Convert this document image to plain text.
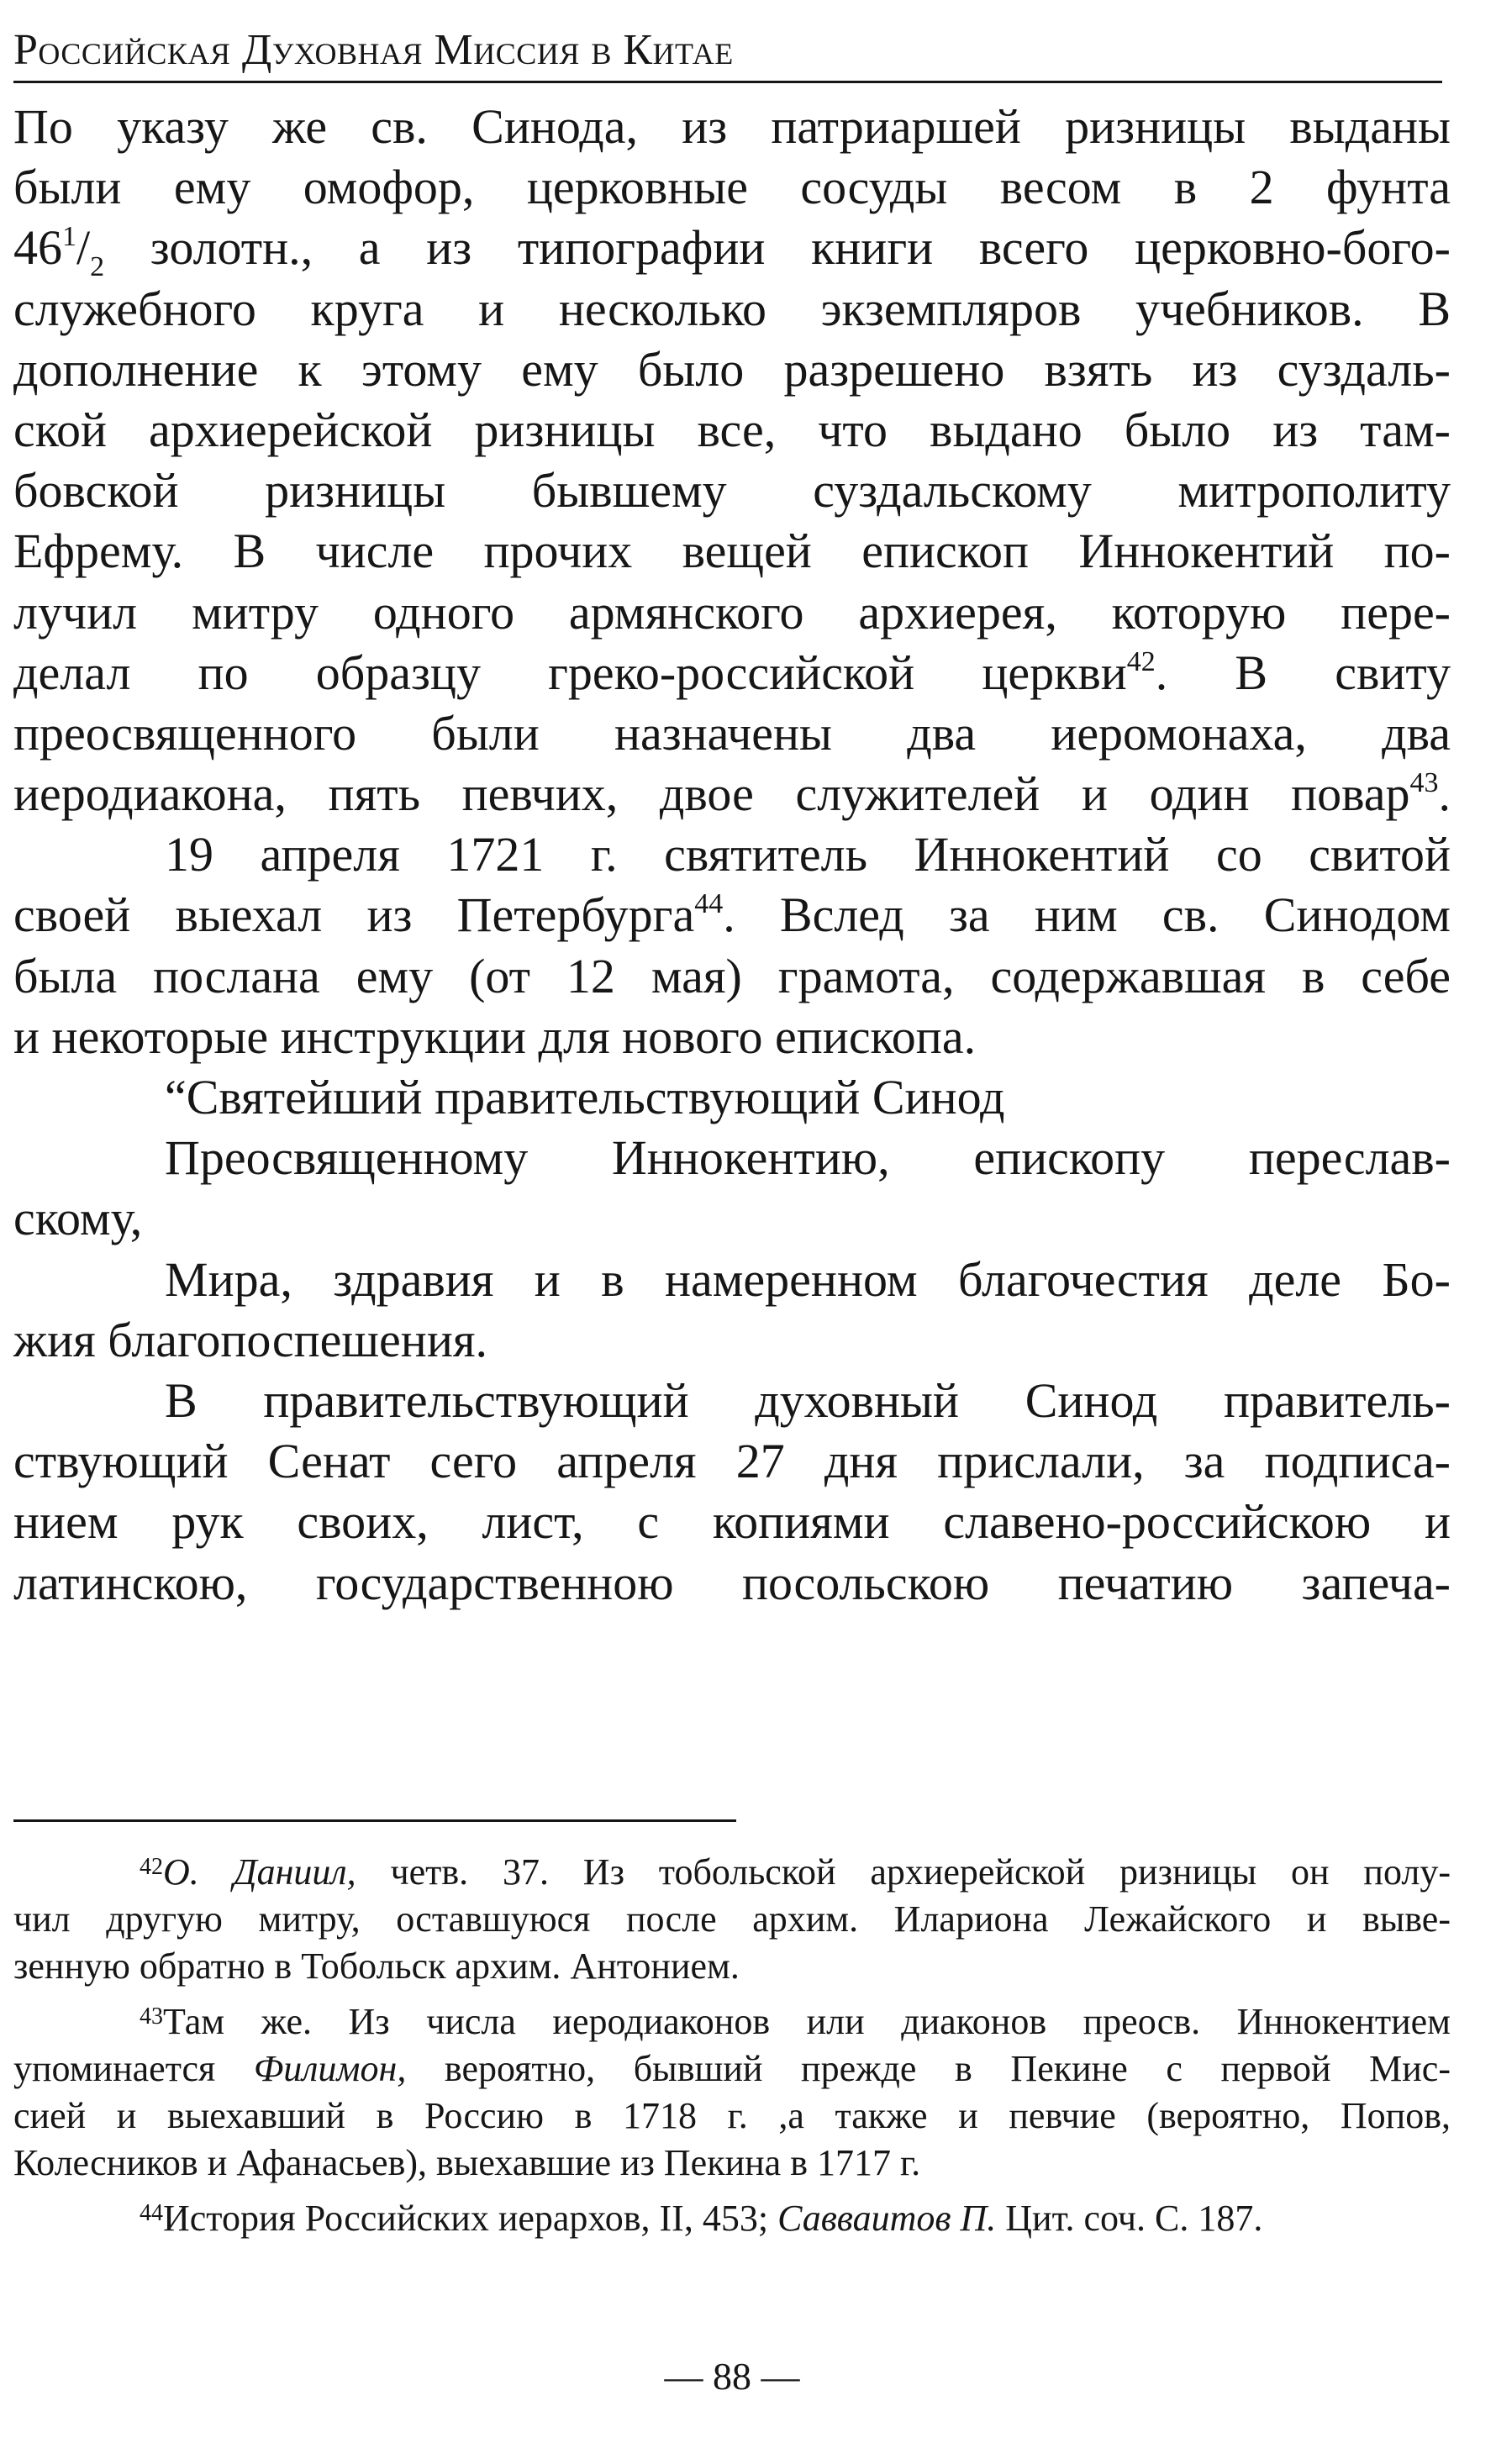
Российская Духовная Миссия в Китае
По указу же св. Синода, из патриаршей ризницы выданы
были ему омофор, церковные сосуды весом в 2 фунта
$46^1/_2$ золотн., а из типографии книги всего церковно-бого-
служебного круга и несколько экземпляров учебников. В
дополнение к этому ему было разрешено взять из суздаль-
ской архиерейской ризницы все, что выдано было из там-
бовской ризницы бывшему суздальскому митрополиту
Ефрему. В числе прочих вещей епископ Иннокентий по-
лучил митру одного армянского архиерея, которую пере-
делал по образцу греко-российской церкви$^{42}$. В свиту
преосвященного были назначены два иеромонаха, два
иеродиакона, пять певчих, двое служителей и один повар$^{43}$.
19 апреля 1721 г. святитель Иннокентий со свитой
своей выехал из Петербурга$^{44}$. Вслед за ним св. Синодом
была послана ему (от 12 мая) грамота, содержавшая в себе
и некоторые инструкции для нового епископа.
“Святейший правительствующий Синод
Преосвященному Иннокентию, епископу переслав-
скому,
Мира, здравия и в намеренном благочестия деле Бо-
жия благопоспешения.
В правительствующий духовный Синод правитель-
ствующий Сенат сего апреля 27 дня прислали, за подписа-
нием рук своих, лист, с копиями славено-российскою и
латинскою, государственною посольскою печатию запеча-
$^{42}$О. Даниил, четв. 37. Из тобольской архиерейской ризницы он полу-
чил другую митру, оставшуюся после архим. Илариона Лежайского и выве-
зенную обратно в Тобольск архим. Антонием.
$^{43}$Там же. Из числа иеродиаконов или диаконов преосв. Иннокентием
упоминается Филимон, вероятно, бывший прежде в Пекине с первой Мис-
сией и выехавший в Россию в 1718 г. ,а также и певчие (вероятно, Попов,
Колесников и Афанасьев), выехавшие из Пекина в 1717 г.
$^{44}$История Российских иерархов, II, 453; Савваитов П. Цит. соч. С. 187.
— 88 —
